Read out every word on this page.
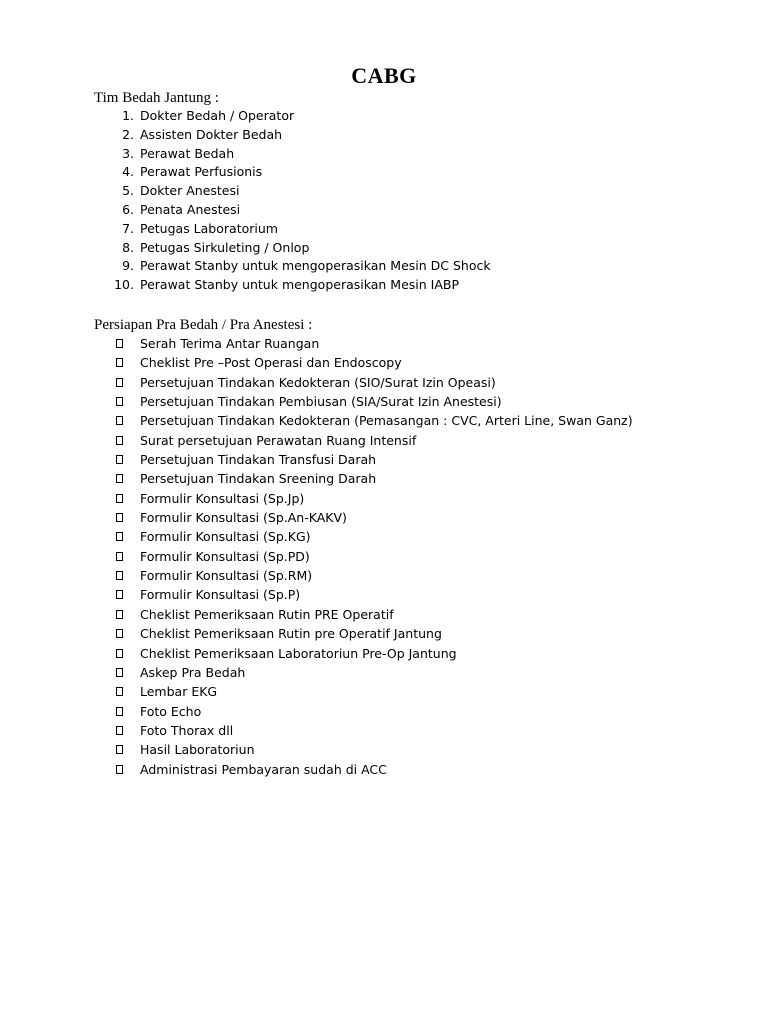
CABG
Tim Bedah Jantung :
1. Dokter Bedah / Operator
2. Assisten Dokter Bedah
3. Perawat Bedah
4. Perawat Perfusionis
5. Dokter Anestesi
6. Penata Anestesi
7. Petugas Laboratorium
8. Petugas Sirkuleting / Onlop
9. Perawat Stanby untuk mengoperasikan Mesin DC Shock
10. Perawat Stanby untuk mengoperasikan Mesin IABP
Persiapan Pra Bedah / Pra Anestesi :
Serah Terima Antar Ruangan
Cheklist Pre –Post Operasi dan Endoscopy
Persetujuan Tindakan Kedokteran (SIO/Surat Izin Opeasi)
Persetujuan Tindakan Pembiusan (SIA/Surat Izin Anestesi)
Persetujuan Tindakan Kedokteran (Pemasangan : CVC, Arteri Line, Swan Ganz)
Surat persetujuan Perawatan Ruang Intensif
Persetujuan Tindakan Transfusi Darah
Persetujuan Tindakan Sreening Darah
Formulir Konsultasi (Sp.Jp)
Formulir Konsultasi (Sp.An-KAKV)
Formulir Konsultasi (Sp.KG)
Formulir Konsultasi (Sp.PD)
Formulir Konsultasi (Sp.RM)
Formulir Konsultasi (Sp.P)
Cheklist Pemeriksaan Rutin PRE Operatif
Cheklist Pemeriksaan Rutin pre Operatif Jantung
Cheklist Pemeriksaan Laboratoriun Pre-Op Jantung
Askep Pra Bedah
Lembar EKG
Foto Echo
Foto Thorax dll
Hasil Laboratoriun
Administrasi Pembayaran sudah di ACC
